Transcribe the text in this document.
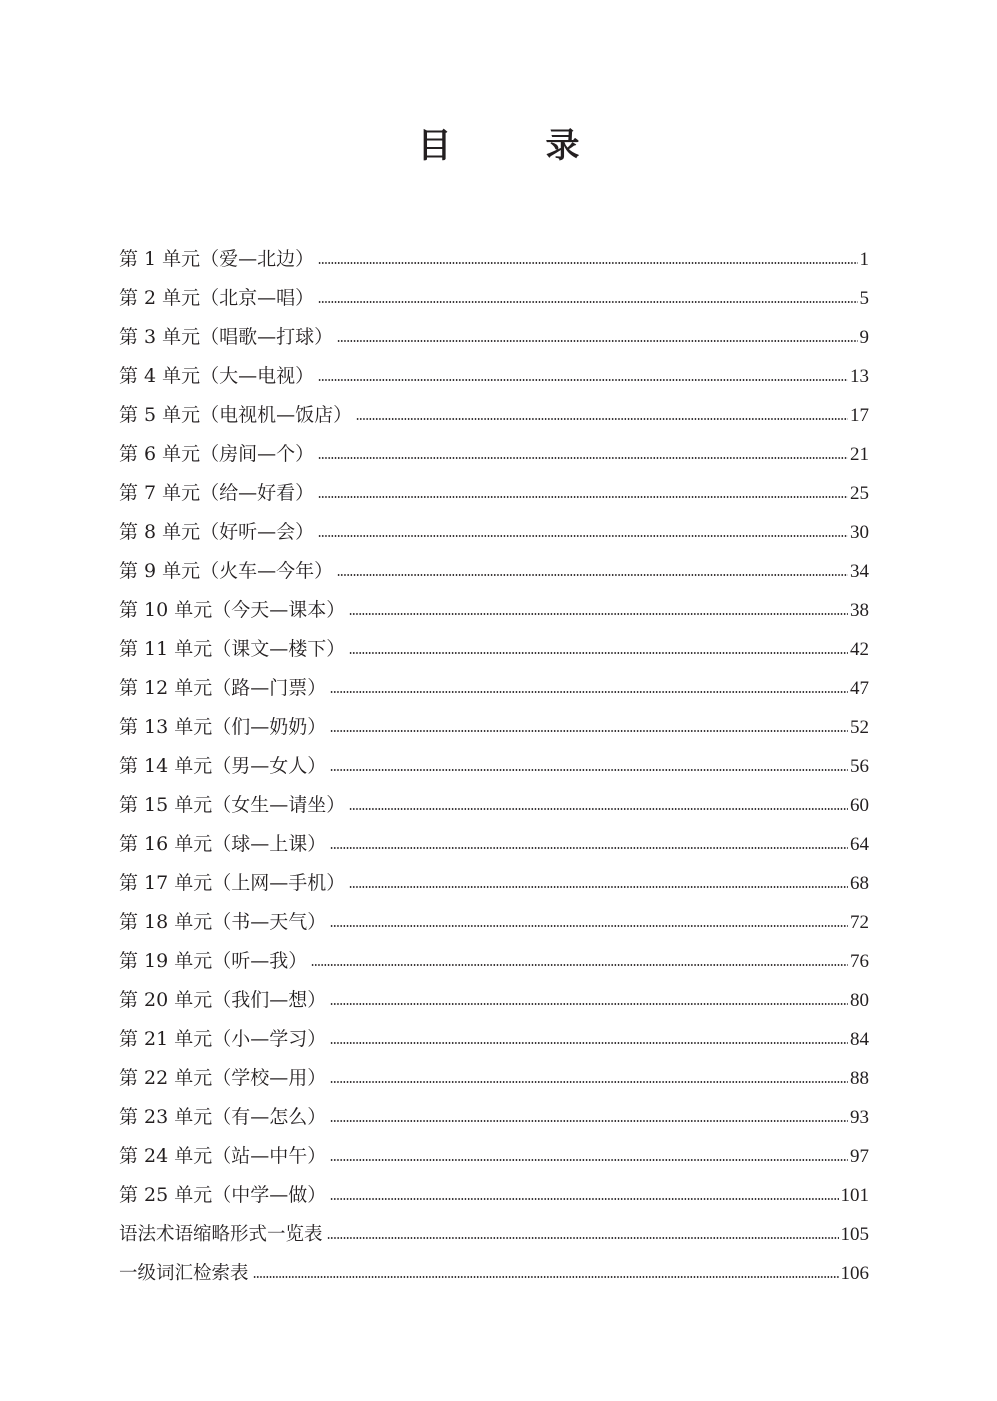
目　录
第 1 单元（爱—北边）	1
第 2 单元（北京—唱）	5
第 3 单元（唱歌—打球）	9
第 4 单元（大—电视）	13
第 5 单元（电视机—饭店）	17
第 6 单元（房间—个）	21
第 7 单元（给—好看）	25
第 8 单元（好听—会）	30
第 9 单元（火车—今年）	34
第 10 单元（今天—课本）	38
第 11 单元（课文—楼下）	42
第 12 单元（路—门票）	47
第 13 单元（们—奶奶）	52
第 14 单元（男—女人）	56
第 15 单元（女生—请坐）	60
第 16 单元（球—上课）	64
第 17 单元（上网—手机）	68
第 18 单元（书—天气）	72
第 19 单元（听—我）	76
第 20 单元（我们—想）	80
第 21 单元（小—学习）	84
第 22 单元（学校—用）	88
第 23 单元（有—怎么）	93
第 24 单元（站—中午）	97
第 25 单元（中学—做）	101
语法术语缩略形式一览表	105
一级词汇检索表	106
